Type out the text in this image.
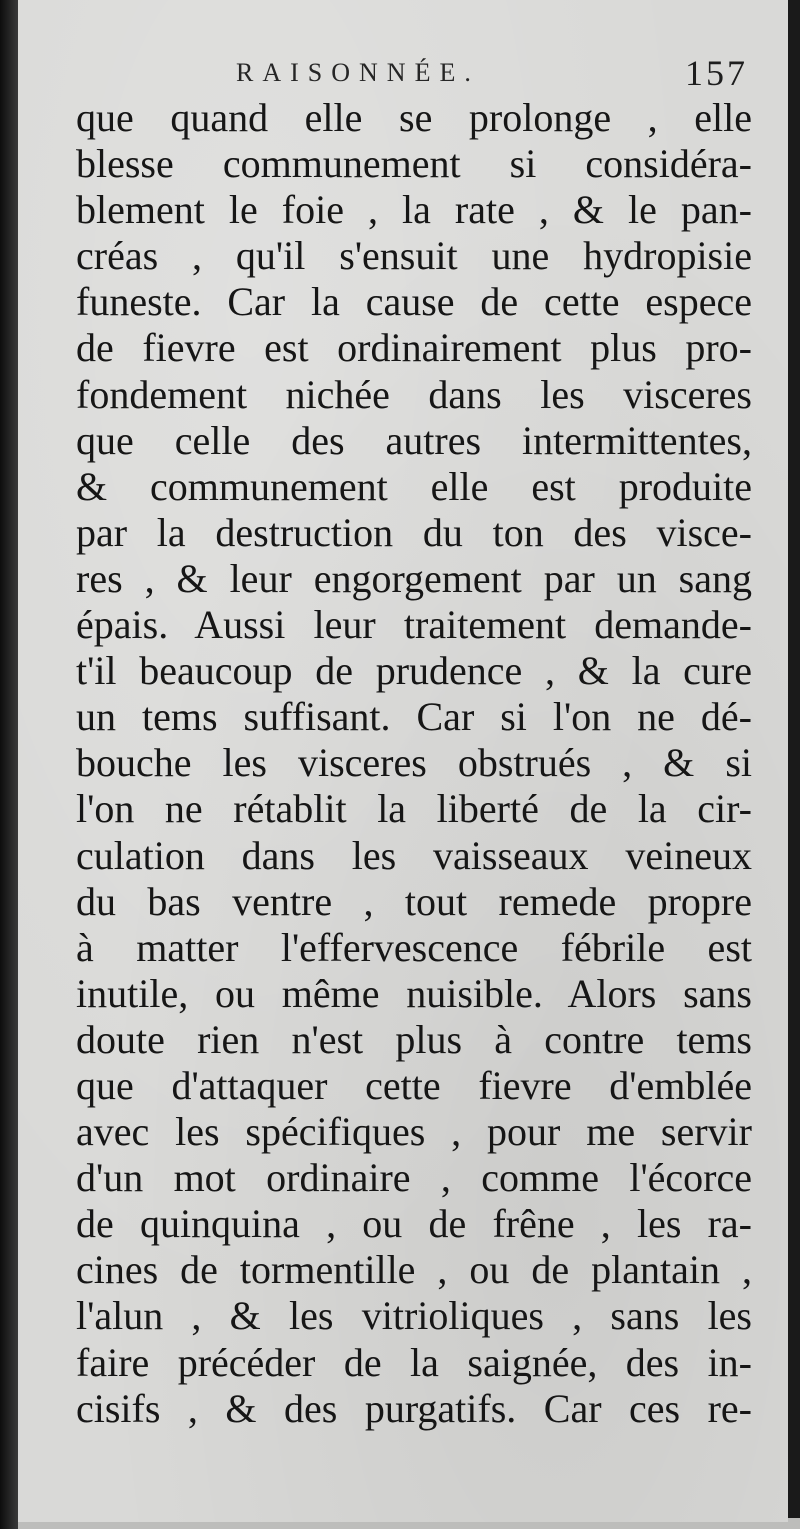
RAISONNÉE.	157
que quand elle se prolonge , elle
blesse communement si considéra-
blement le foie , la rate , & le pan-
créas , qu'il s'ensuit une hydropisie
funeste. Car la cause de cette espece
de fievre est ordinairement plus pro-
fondement nichée dans les visceres
que celle des autres intermittentes,
& communement elle est produite
par la destruction du ton des visce-
res , & leur engorgement par un sang
épais. Aussi leur traitement demande-
t'il beaucoup de prudence , & la cure
un tems suffisant. Car si l'on ne dé-
bouche les visceres obstrués , & si
l'on ne rétablit la liberté de la cir-
culation dans les vaisseaux veineux
du bas ventre , tout remede propre
à matter l'effervescence fébrile est
inutile, ou même nuisible. Alors sans
doute rien n'est plus à contre tems
que d'attaquer cette fievre d'emblée
avec les spécifiques , pour me servir
d'un mot ordinaire , comme l'écorce
de quinquina , ou de frêne , les ra-
cines de tormentille , ou de plantain ,
l'alun , & les vitrioliques , sans les
faire précéder de la saignée, des in-
cisifs , & des purgatifs. Car ces re-
